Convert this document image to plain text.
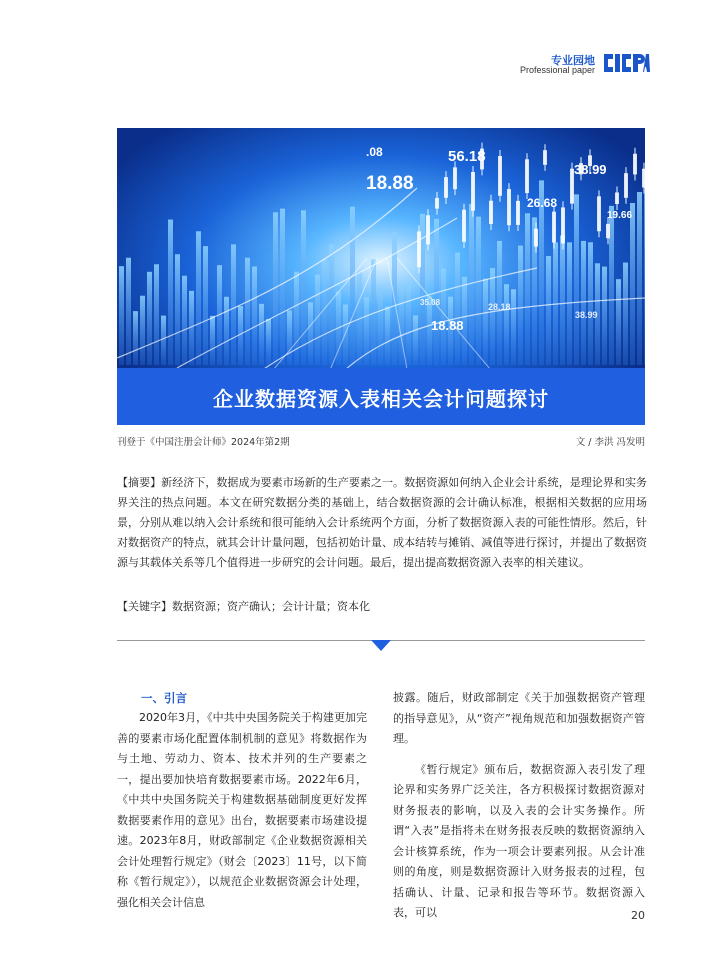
专业园地
Professional paper
.08	56.18
38.99
18.88
26.68
19.66
35.08
38.99
18.88
28.18
企业数据资源入表相关会计问题探讨
刊登于《中国注册会计师》2024年第2期	文 / 李洪 冯发明
【摘要】新经济下，数据成为要素市场新的生产要素之一。数据资源如何纳入企业会计系统，是理论界和实务界关注的热点问题。本文在研究数据分类的基础上，结合数据资源的会计确认标准，根据相关数据的应用场景，分别从难以纳入会计系统和很可能纳入会计系统两个方面，分析了数据资源入表的可能性情形。然后，针对数据资产的特点，就其会计计量问题，包括初始计量、成本结转与摊销、减值等进行探讨，并提出了数据资源与其载体关系等几个值得进一步研究的会计问题。最后，提出提高数据资源入表率的相关建议。
【关键字】数据资源；资产确认；会计计量；资本化
一、引言

2020年3月，《中共中央国务院关于构建更加完善的要素市场化配置体制机制的意见》将数据作为与土地、劳动力、资本、技术并列的生产要素之一，提出要加快培育数据要素市场。2022年6月，《中共中央国务院关于构建数据基础制度更好发挥数据要素作用的意见》出台，数据要素市场建设提速。2023年8月，财政部制定《企业数据资源相关会计处理暂行规定》（财会〔2023〕11号，以下简称《暂行规定》），以规范企业数据资源会计处理，强化相关会计信息

披露。随后，财政部制定《关于加强数据资产管理的指导意见》，从“资产”视角规范和加强数据资产管理。

《暂行规定》颁布后，数据资源入表引发了理论界和实务界广泛关注，各方积极探讨数据资源对财务报表的影响，以及入表的会计实务操作。所谓“入表”是指将未在财务报表反映的数据资源纳入会计核算系统，作为一项会计要素列报。从会计准则的角度，则是数据资源计入财务报表的过程，包括确认、计量、记录和报告等环节。数据资源入表，可以	20
